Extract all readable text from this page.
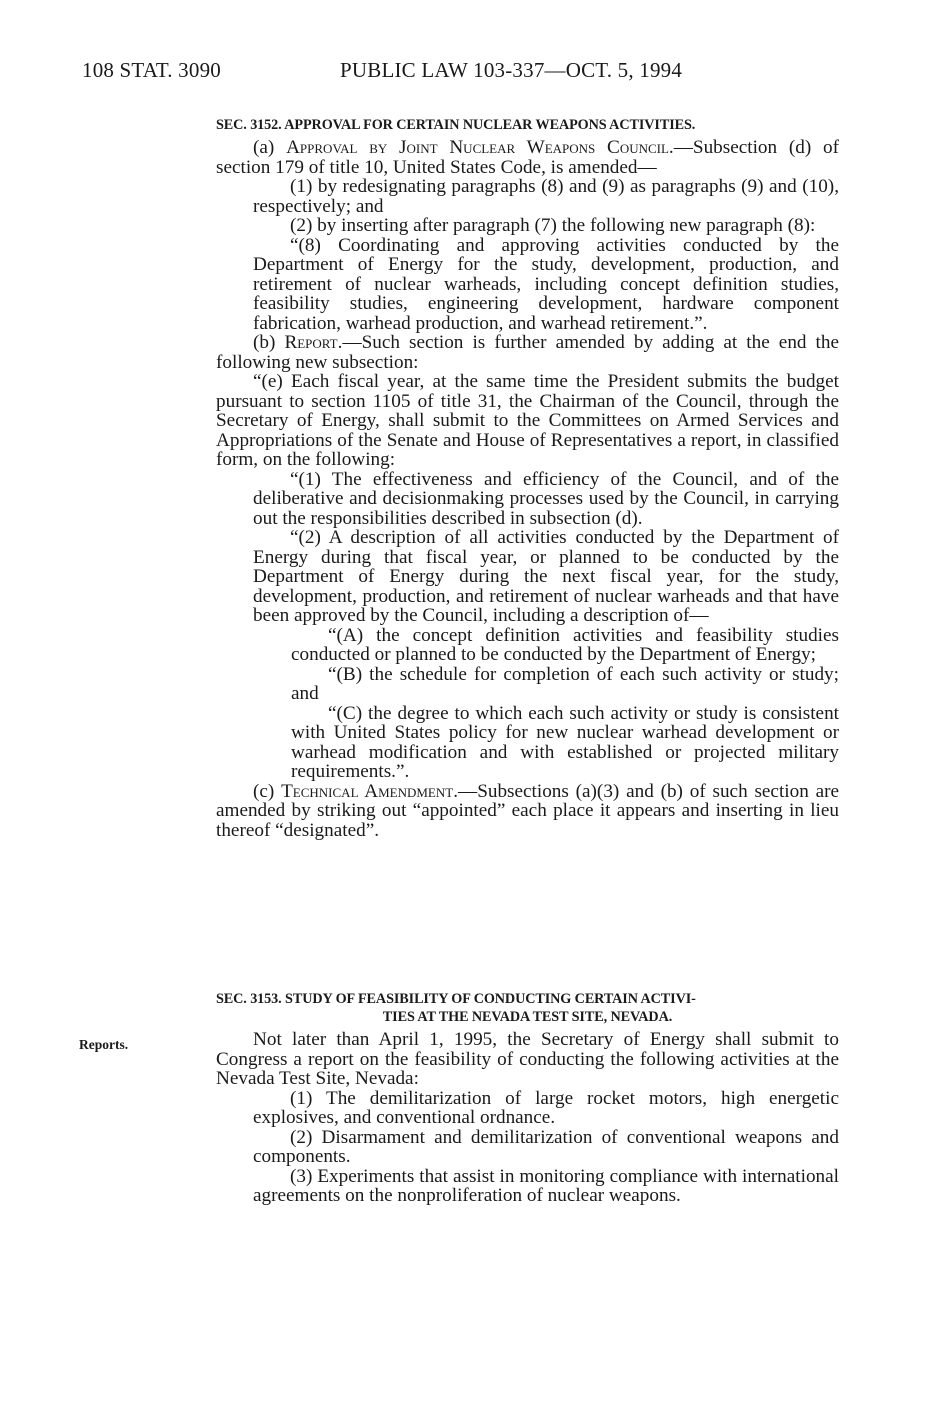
108 STAT. 3090	PUBLIC LAW 103-337—OCT. 5, 1994
SEC. 3152. APPROVAL FOR CERTAIN NUCLEAR WEAPONS ACTIVITIES.

(a) Approval by Joint Nuclear Weapons Council.—Subsection (d) of section 179 of title 10, United States Code, is amended—

(1) by redesignating paragraphs (8) and (9) as paragraphs (9) and (10), respectively; and

(2) by inserting after paragraph (7) the following new paragraph (8):

“(8) Coordinating and approving activities conducted by the Department of Energy for the study, development, production, and retirement of nuclear warheads, including concept definition studies, feasibility studies, engineering development, hardware component fabrication, warhead production, and warhead retirement.”.

(b) Report.—Such section is further amended by adding at the end the following new subsection:

“(e) Each fiscal year, at the same time the President submits the budget pursuant to section 1105 of title 31, the Chairman of the Council, through the Secretary of Energy, shall submit to the Committees on Armed Services and Appropriations of the Senate and House of Representatives a report, in classified form, on the following:

“(1) The effectiveness and efficiency of the Council, and of the deliberative and decisionmaking processes used by the Council, in carrying out the responsibilities described in subsection (d).

“(2) A description of all activities conducted by the Department of Energy during that fiscal year, or planned to be conducted by the Department of Energy during the next fiscal year, for the study, development, production, and retirement of nuclear warheads and that have been approved by the Council, including a description of—

“(A) the concept definition activities and feasibility studies conducted or planned to be conducted by the Department of Energy;

“(B) the schedule for completion of each such activity or study; and

“(C) the degree to which each such activity or study is consistent with United States policy for new nuclear warhead development or warhead modification and with established or projected military requirements.”.

(c) Technical Amendment.—Subsections (a)(3) and (b) of such section are amended by striking out “appointed” each place it appears and inserting in lieu thereof “designated”.

SEC. 3153. STUDY OF FEASIBILITY OF CONDUCTING CERTAIN ACTIVI-
TIES AT THE NEVADA TEST SITE, NEVADA.
Reports.	Not later than April 1, 1995, the Secretary of Energy shall submit to Congress a report on the feasibility of conducting the following activities at the Nevada Test Site, Nevada:

(1) The demilitarization of large rocket motors, high energetic explosives, and conventional ordnance.

(2) Disarmament and demilitarization of conventional weapons and components.

(3) Experiments that assist in monitoring compliance with international agreements on the nonproliferation of nuclear weapons.
